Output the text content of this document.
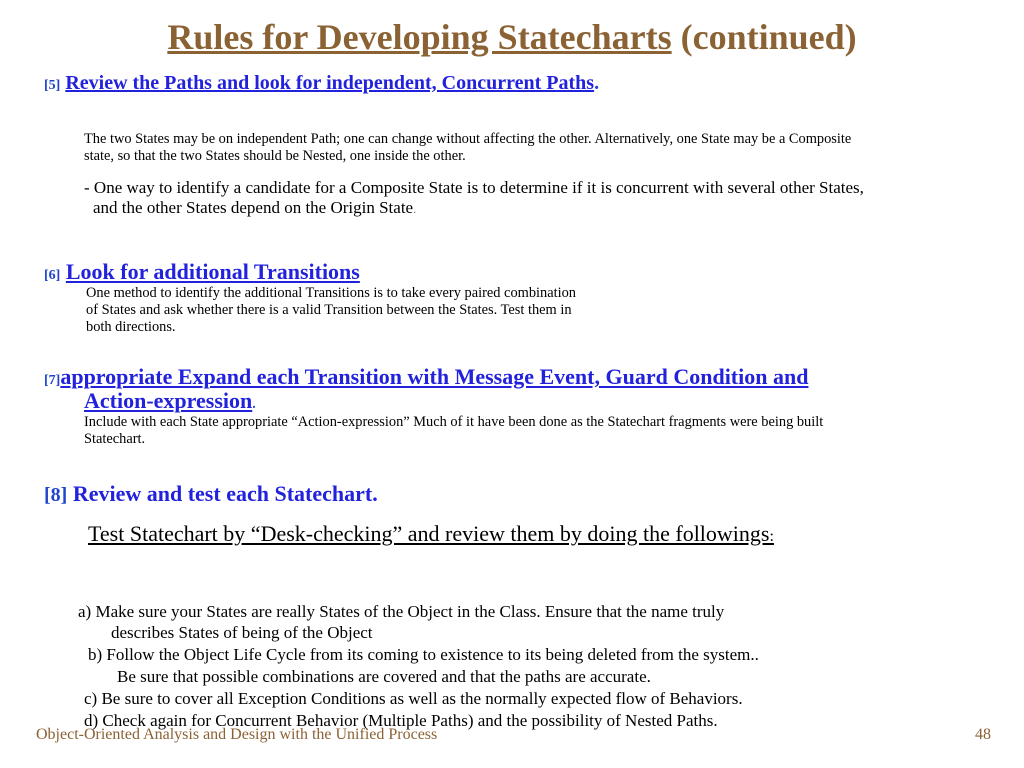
Rules for Developing Statecharts (continued)
[5] Review the Paths and look for independent, Concurrent Paths.
The two States may be on independent Path; one can change without affecting the other. Alternatively, one State may be a Composite
state, so that the two States should be Nested, one inside the other.
- One way to identify a candidate for a Composite State is to determine if it is concurrent with several other States,
and the other States depend on the Origin State.
[6] Look for additional Transitions
One method to identify the additional Transitions is to take every paired combination
of States and ask whether there is a valid Transition between the States. Test them in
both directions.
[7]appropriate Expand each Transition with Message Event, Guard Condition and
Action-expression.
Include with each State appropriate “Action-expression” Much of it have been done as the Statechart fragments were being built
Statechart.
[8] Review and test each Statechart.
Test Statechart by “Desk-checking” and review them by doing the followings:
a) Make sure your States are really States of the Object in the Class. Ensure that the name truly
describes States of being of the Object
b) Follow the Object Life Cycle from its coming to existence to its being deleted from the system..
Be sure that possible combinations are covered and that the paths are accurate.
c) Be sure to cover all Exception Conditions as well as the normally expected flow of Behaviors.
d) Check again for Concurrent Behavior (Multiple Paths) and the possibility of Nested Paths.
Object-Oriented Analysis and Design with the Unified Process	48
